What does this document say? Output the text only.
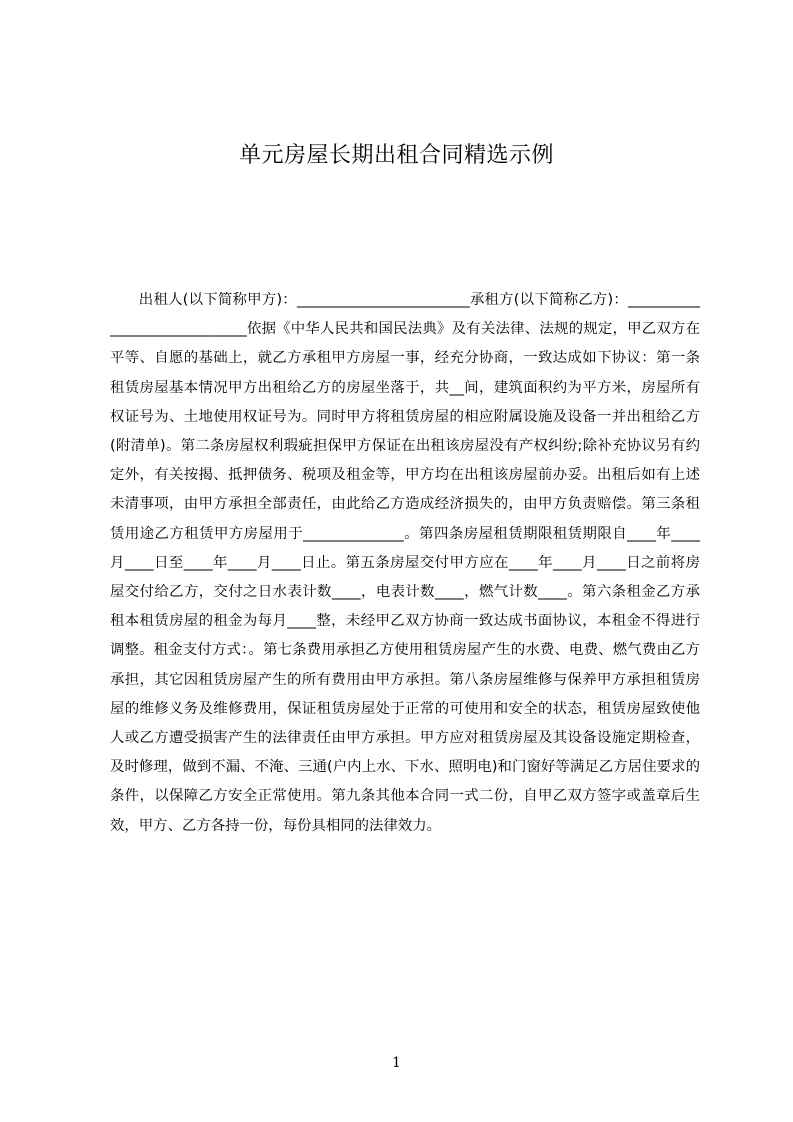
单元房屋长期出租合同精选示例

出租人(以下简称甲方)：________________________承租方(以下简称乙方)：_____________________________依据《中华人民共和国民法典》及有关法律、法规的规定，甲乙双方在平等、自愿的基础上，就乙方承租甲方房屋一事，经充分协商，一致达成如下协议：第一条租赁房屋基本情况甲方出租给乙方的房屋坐落于，共__间，建筑面积约为平方米，房屋所有权证号为、土地使用权证号为。同时甲方将租赁房屋的相应附属设施及设备一并出租给乙方(附清单)。第二条房屋权利瑕疵担保甲方保证在出租该房屋没有产权纠纷;除补充协议另有约定外，有关按揭、抵押债务、税项及租金等，甲方均在出租该房屋前办妥。出租后如有上述未清事项，由甲方承担全部责任，由此给乙方造成经济损失的，由甲方负责赔偿。第三条租赁用途乙方租赁甲方房屋用于______________。第四条房屋租赁期限租赁期限自____年____月____日至____年____月____日止。第五条房屋交付甲方应在____年____月____日之前将房屋交付给乙方，交付之日水表计数____，电表计数____，燃气计数____。第六条租金乙方承租本租赁房屋的租金为每月____整，未经甲乙双方协商一致达成书面协议，本租金不得进行调整。租金支付方式：。第七条费用承担乙方使用租赁房屋产生的水费、电费、燃气费由乙方承担，其它因租赁房屋产生的所有费用由甲方承担。第八条房屋维修与保养甲方承担租赁房屋的维修义务及维修费用，保证租赁房屋处于正常的可使用和安全的状态，租赁房屋致使他人或乙方遭受损害产生的法律责任由甲方承担。甲方应对租赁房屋及其设备设施定期检查，及时修理，做到不漏、不淹、三通(户内上水、下水、照明电)和门窗好等满足乙方居住要求的条件，以保障乙方安全正常使用。第九条其他本合同一式二份，自甲乙双方签字或盖章后生效，甲方、乙方各持一份，每份具相同的法律效力。

1
